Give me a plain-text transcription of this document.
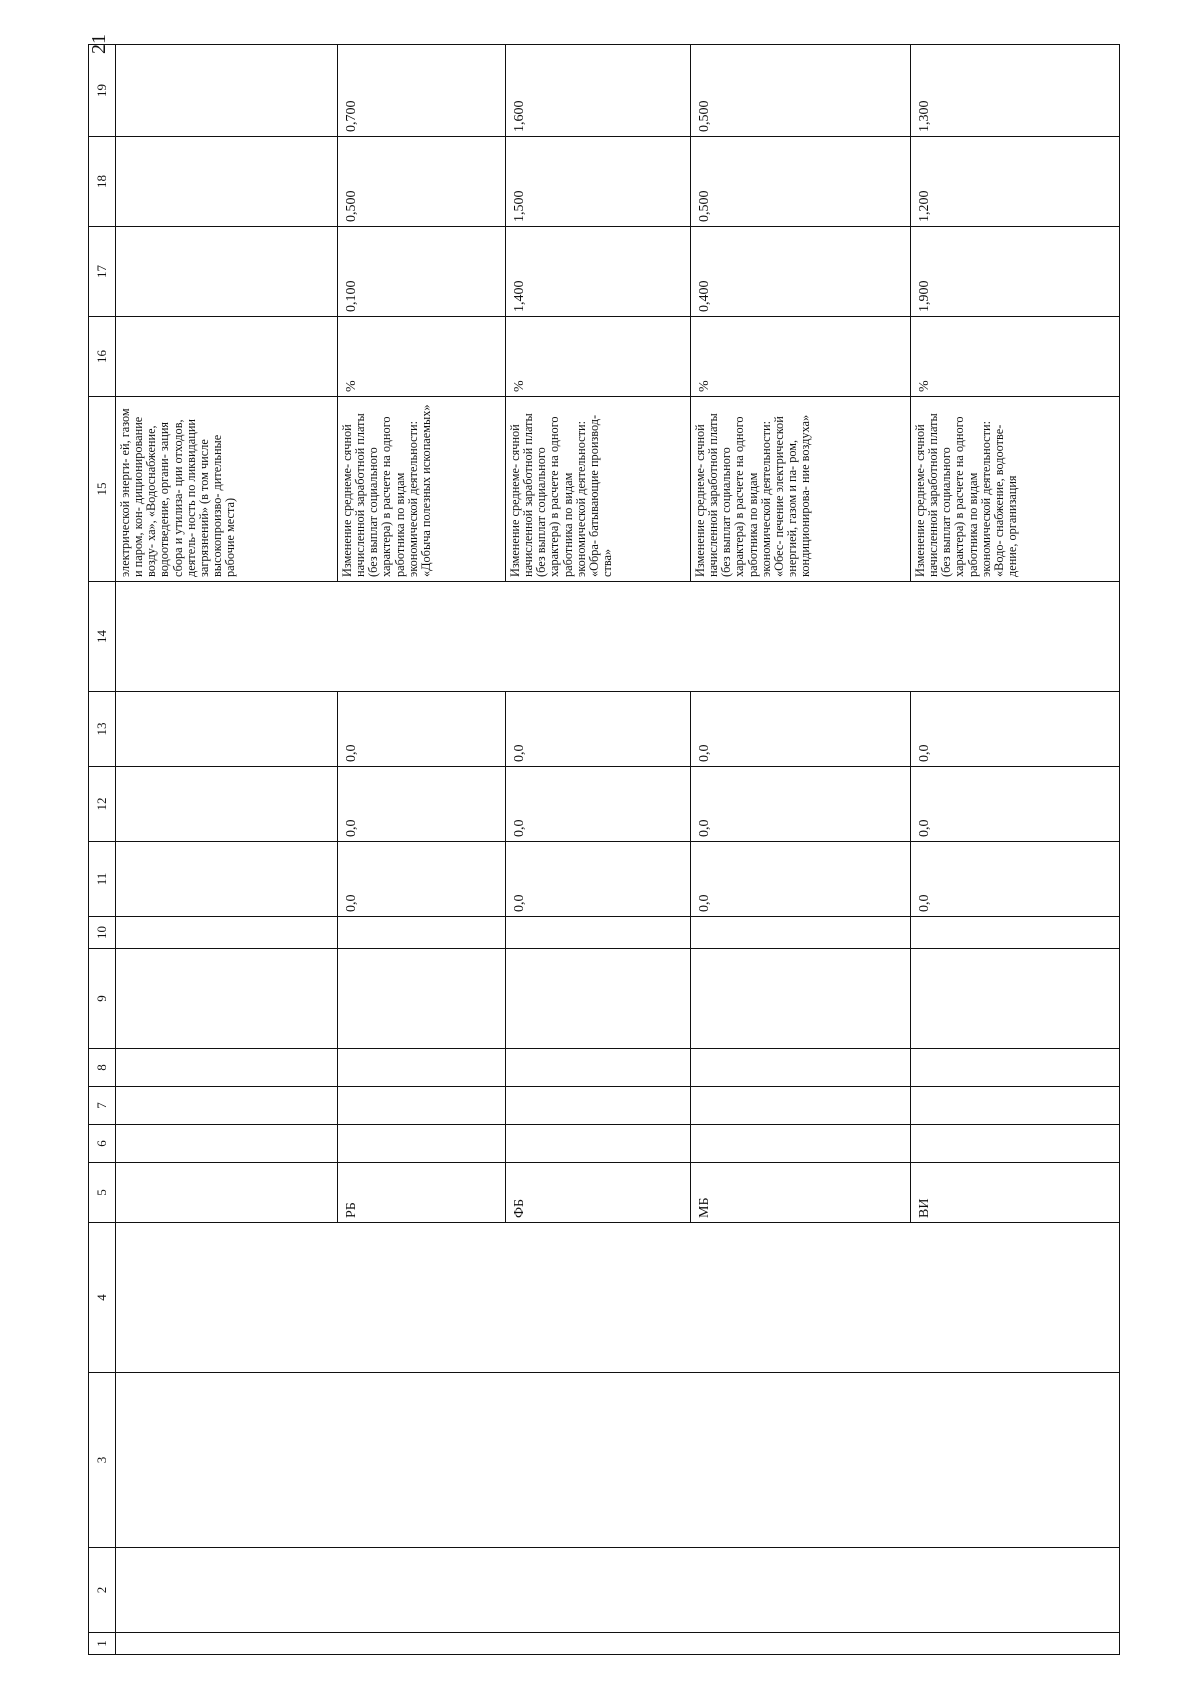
21
1	2	3	4	5	6	7	8	9	10	11	12	13	14	15	16	17	18	19
														электрической энерги- ей, газом и паром, кон- диционирование возду- ха», «Водоснабжение, водоотведение, органи- зация сбора и утилиза- ции отходов, деятель- ность по ликвидации загрязнений» (в том числе высокопроизво- дительные рабочие места)				
				РБ						0,0	0,0	0,0		Изменение среднеме- сячной начисленной заработной платы (без выплат социального характера) в расчете на одного работника по видам экономической деятельности: «Добыча полезных ископаемых»	%	0,100	0,500	0,700
				ФБ						0,0	0,0	0,0		Изменение среднеме- сячной начисленной заработной платы (без выплат социального характера) в расчете на одного работника по видам экономической деятельности: «Обра- батывающие производ- ства»	%	1,400	1,500	1,600
				МБ						0,0	0,0	0,0		Изменение среднеме- сячной начисленной заработной платы (без выплат социального характера) в расчете на одного работника по видам экономической деятельности: «Обес- печение электрической энергией, газом и па- ром, кондиционирова- ние воздуха»	%	0,400	0,500	0,500
				ВИ						0,0	0,0	0,0		Изменение среднеме- сячной начисленной заработной платы (без выплат социального характера) в расчете на одного работника по видам экономической деятельности: «Водо- снабжение, водоотве- дение, организация	%	1,900	1,200	1,300
